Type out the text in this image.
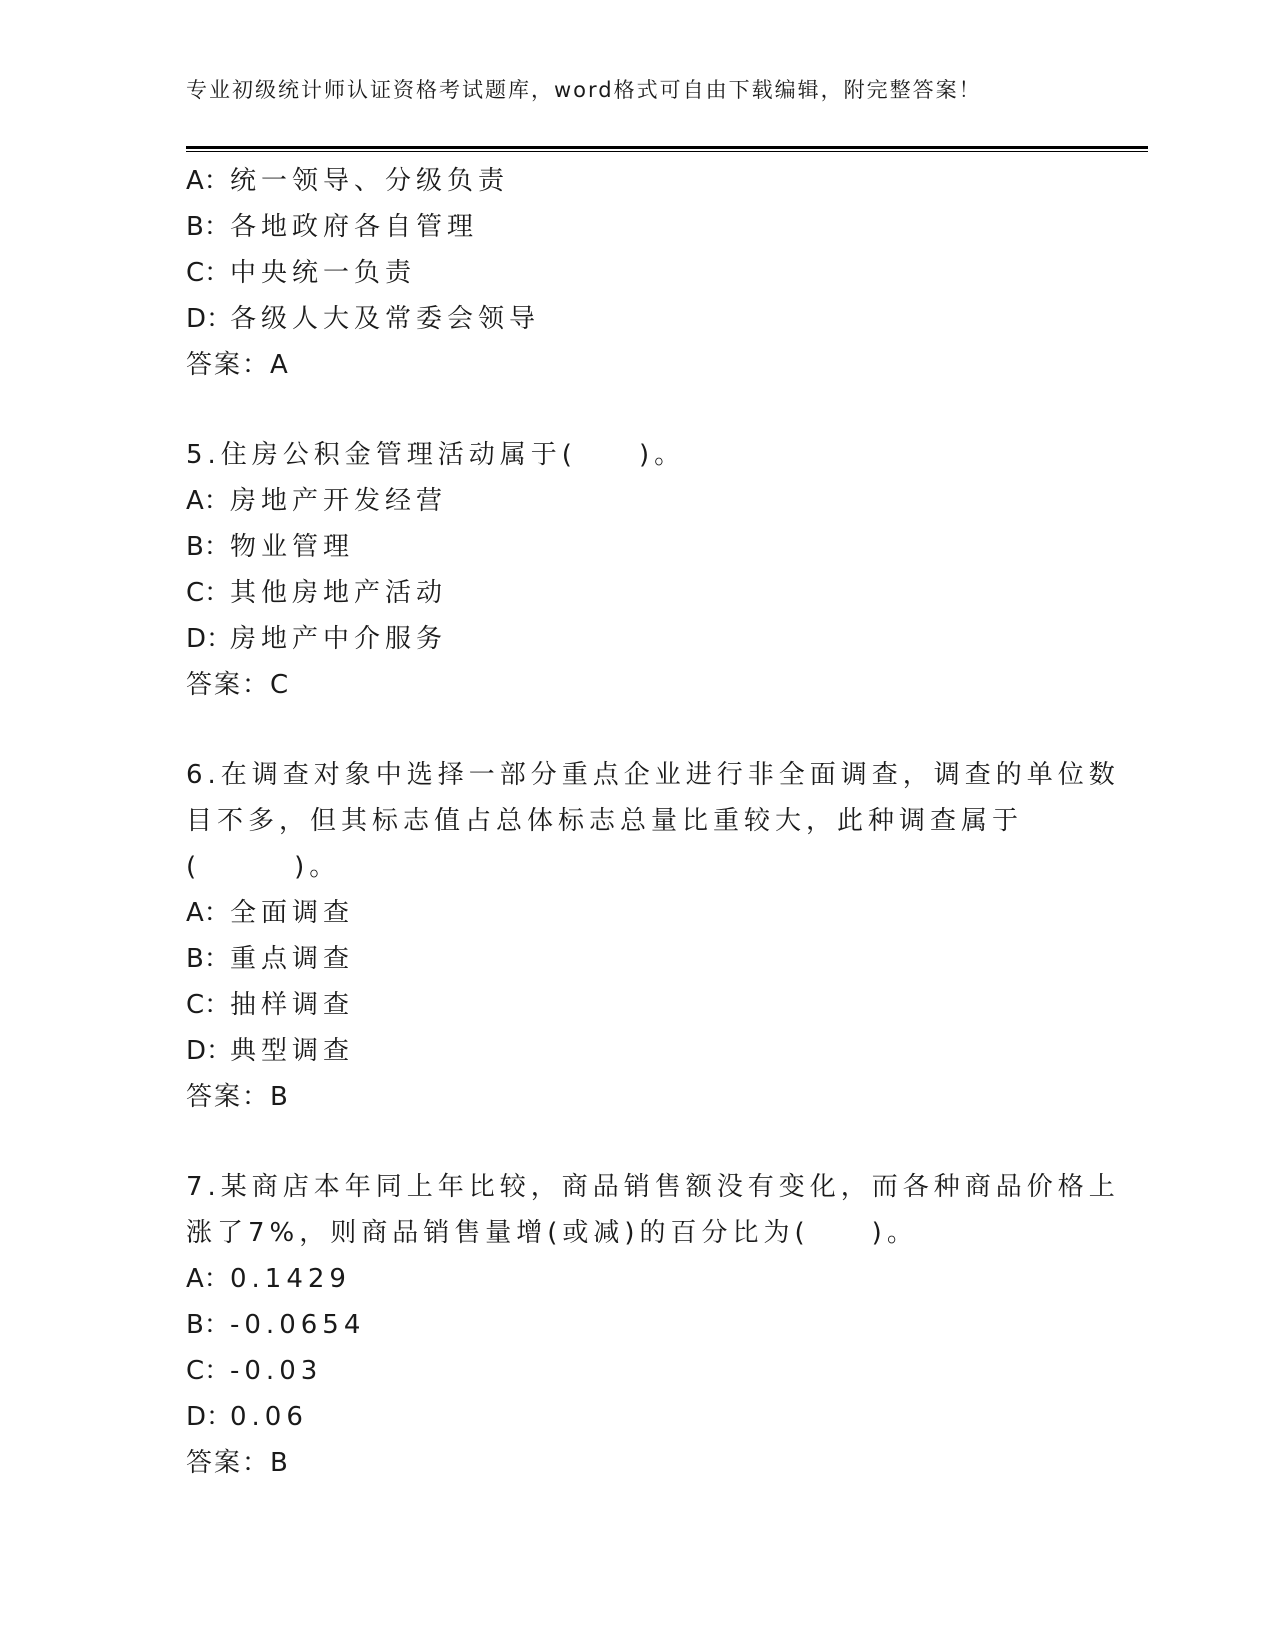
专业初级统计师认证资格考试题库，word格式可自由下载编辑，附完整答案！
A：统一领导、分级负责
B：各地政府各自管理
C：中央统一负责
D：各级人大及常委会领导
答案：A
5.住房公积金管理活动属于(　　)。
A：房地产开发经营
B：物业管理
C：其他房地产活动
D：房地产中介服务
答案：C
6.在调查对象中选择一部分重点企业进行非全面调查，调查的单位数
目不多，但其标志值占总体标志总量比重较大，此种调查属于
(　　　)。
A：全面调查
B：重点调查
C：抽样调查
D：典型调查
答案：B
7.某商店本年同上年比较，商品销售额没有变化，而各种商品价格上
涨了7%，则商品销售量增(或减)的百分比为(　　)。
A：0.1429
B：-0.0654
C：-0.03
D：0.06
答案：B
